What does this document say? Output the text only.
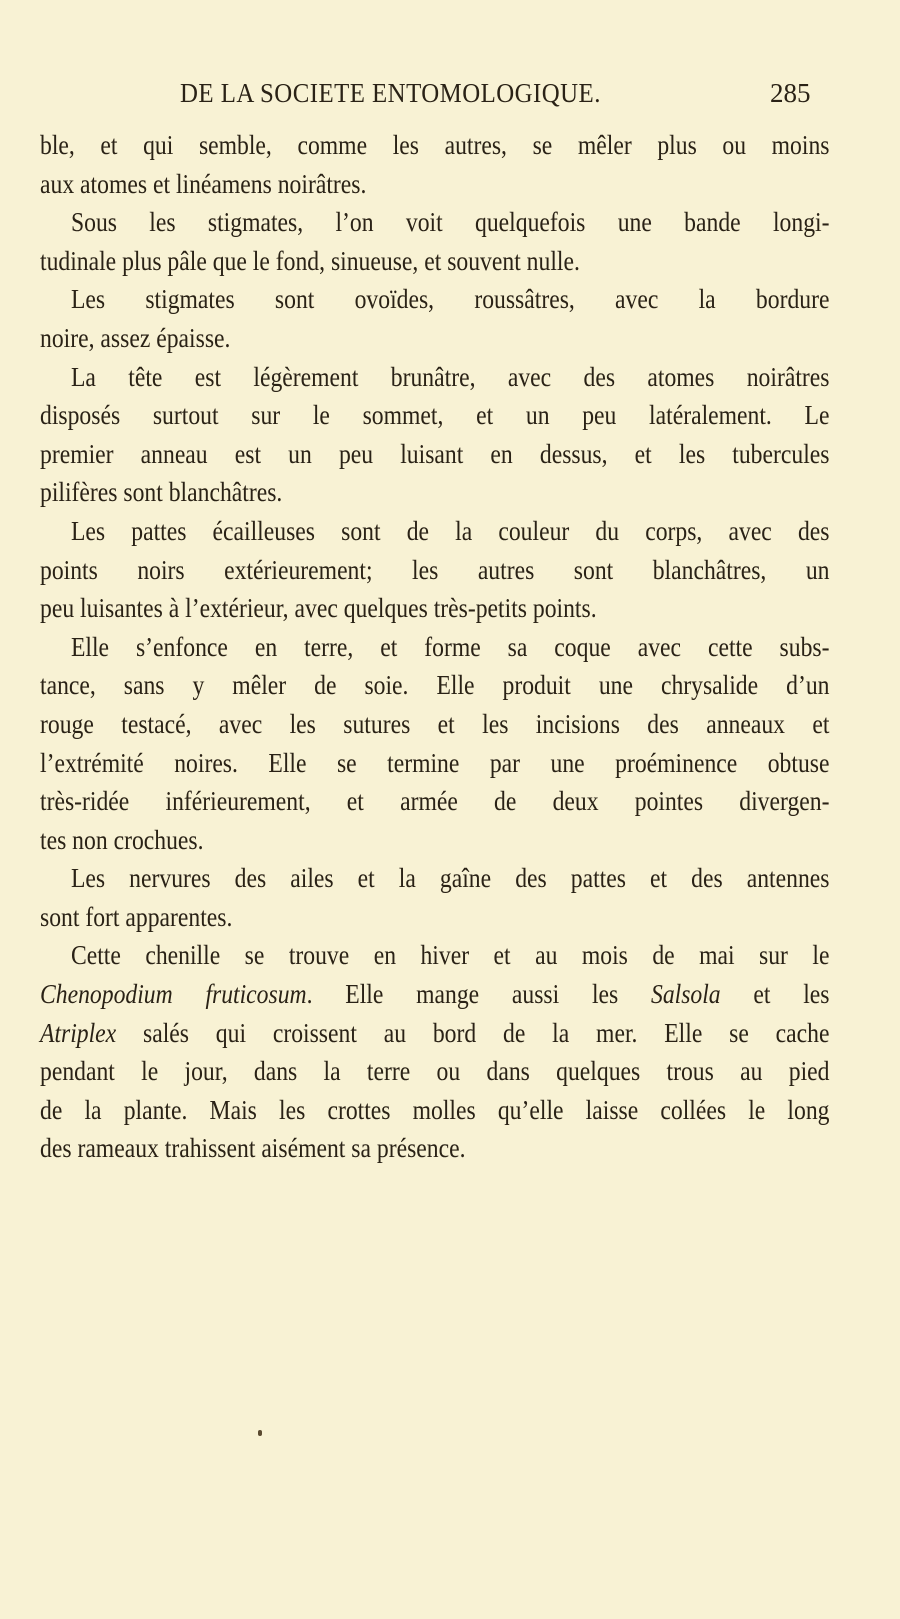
DE LA SOCIETE ENTOMOLOGIQUE.	285
ble, et qui semble, comme les autres, se mêler plus ou moins
aux atomes et linéamens noirâtres.
Sous les stigmates, l’on voit quelquefois une bande longi-
tudinale plus pâle que le fond, sinueuse, et souvent nulle.
Les stigmates sont ovoïdes, roussâtres, avec la bordure
noire, assez épaisse.
La tête est légèrement brunâtre, avec des atomes noirâtres
disposés surtout sur le sommet, et un peu latéralement. Le
premier anneau est un peu luisant en dessus, et les tubercules
pilifères sont blanchâtres.
Les pattes écailleuses sont de la couleur du corps, avec des
points noirs extérieurement; les autres sont blanchâtres, un
peu luisantes à l’extérieur, avec quelques très-petits points.
Elle s’enfonce en terre, et forme sa coque avec cette subs-
tance, sans y mêler de soie. Elle produit une chrysalide d’un
rouge testacé, avec les sutures et les incisions des anneaux et
l’extrémité noires. Elle se termine par une proéminence obtuse
très-ridée inférieurement, et armée de deux pointes divergen-
tes non crochues.
Les nervures des ailes et la gaîne des pattes et des antennes
sont fort apparentes.
Cette chenille se trouve en hiver et au mois de mai sur le
Chenopodium fruticosum. Elle mange aussi les Salsola et les
Atriplex salés qui croissent au bord de la mer. Elle se cache
pendant le jour, dans la terre ou dans quelques trous au pied
de la plante. Mais les crottes molles qu’elle laisse collées le long
des rameaux trahissent aisément sa présence.
